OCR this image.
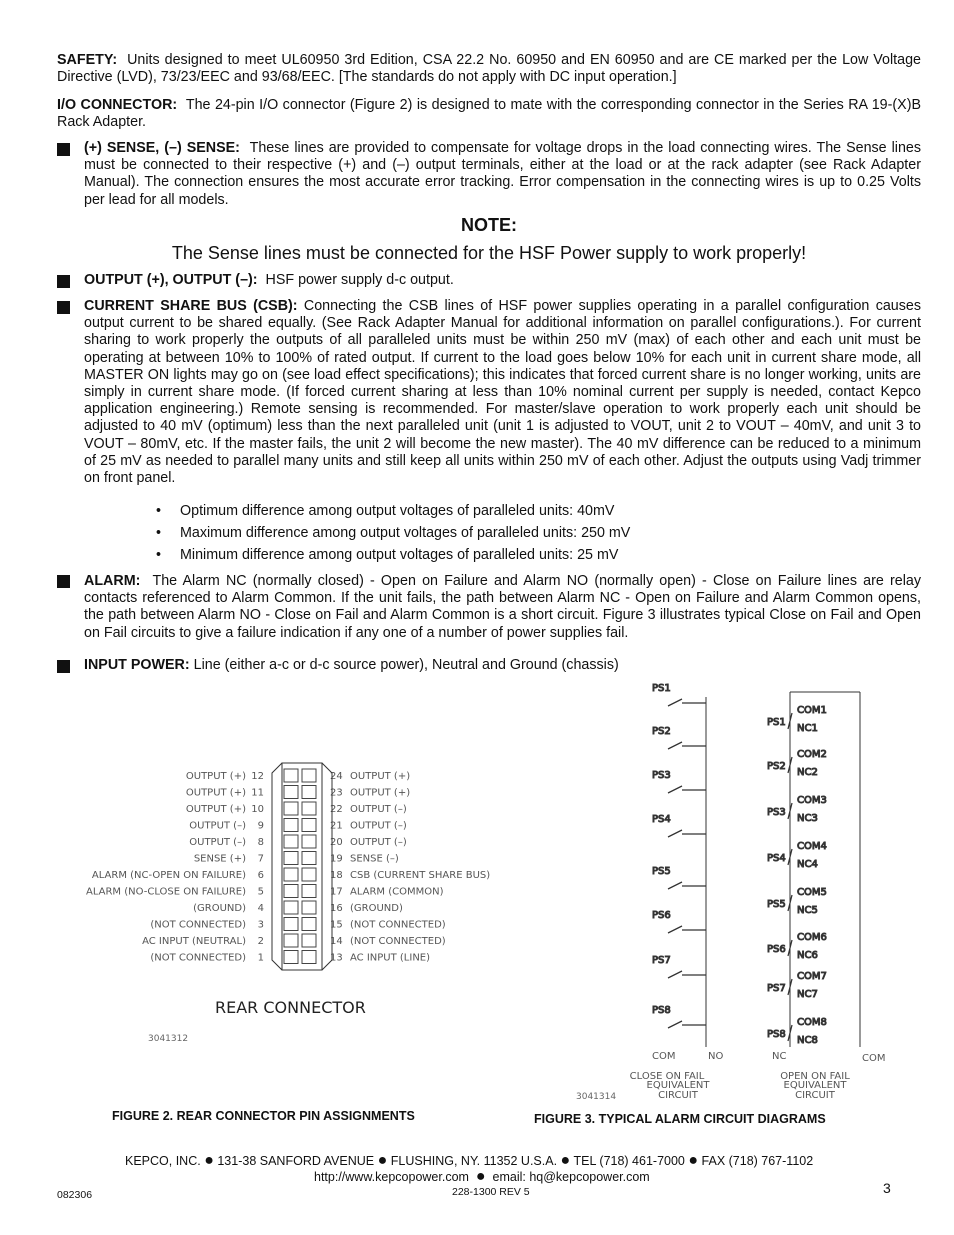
SAFETY: Units designed to meet UL60950 3rd Edition, CSA 22.2 No. 60950 and EN 60950 and are CE marked per the Low Voltage Directive (LVD), 73/23/EEC and 93/68/EEC. [The standards do not apply with DC input operation.]

I/O CONNECTOR: The 24-pin I/O connector (Figure 2) is designed to mate with the corresponding connector in the Series RA 19-(X)B Rack Adapter.

(+) SENSE, (–) SENSE: These lines are provided to compensate for voltage drops in the load connecting wires. The Sense lines must be connected to their respective (+) and (–) output terminals, either at the load or at the rack adapter (see Rack Adapter Manual). The connection ensures the most accurate error tracking. Error compensation in the connecting wires is up to 0.25 Volts per lead for all models.

NOTE:
The Sense lines must be connected for the HSF Power supply to work properly!

OUTPUT (+), OUTPUT (–): HSF power supply d-c output.

CURRENT SHARE BUS (CSB): Connecting the CSB lines of HSF power supplies operating in a parallel configuration causes output current to be shared equally. (See Rack Adapter Manual for additional information on parallel configurations.). For current sharing to work properly the outputs of all paralleled units must be within 250 mV (max) of each other and each unit must be operating at between 10% to 100% of rated output. If current to the load goes below 10% for each unit in current share mode, all MASTER ON lights may go on (see load effect specifications); this indicates that forced current share is no longer working, units are simply in current share mode. (If forced current sharing at less than 10% nominal current per supply is needed, contact Kepco application engineering.) Remote sensing is recommended. For master/slave operation to work properly each unit should be adjusted to 40 mV (optimum) less than the next paralleled unit (unit 1 is adjusted to VOUT, unit 2 to VOUT – 40mV, and unit 3 to VOUT – 80mV, etc. If the master fails, the unit 2 will become the new master). The 40 mV difference can be reduced to a minimum of 25 mV as needed to parallel many units and still keep all units within 250 mV of each other. Adjust the outputs using Vadj trimmer on front panel.

• Optimum difference among output voltages of paralleled units: 40mV
• Maximum difference among output voltages of paralleled units: 250 mV
• Minimum difference among output voltages of paralleled units: 25 mV

ALARM: The Alarm NC (normally closed) - Open on Failure and Alarm NO (normally open) - Close on Failure lines are relay contacts referenced to Alarm Common. If the unit fails, the path between Alarm NC - Open on Failure and Alarm Common opens, the path between Alarm NO - Close on Fail and Alarm Common is a short circuit. Figure 3 illustrates typical Close on Fail and Open on Fail circuits to give a failure indication if any one of a number of power supplies fail.

INPUT POWER: Line (either a-c or d-c source power), Neutral and Ground (chassis)

OUTPUT (+) 12
OUTPUT (+) 11
OUTPUT (+) 10
OUTPUT (–) 9
OUTPUT (–) 8
SENSE (+) 7
ALARM (NC-OPEN ON FAILURE) 6
ALARM (NO-CLOSE ON FAILURE) 5
(GROUND) 4
(NOT CONNECTED) 3
AC INPUT (NEUTRAL) 2
(NOT CONNECTED) 1
24 OUTPUT (+)
23 OUTPUT (+)
22 OUTPUT (–)
21 OUTPUT (–)
20 OUTPUT (–)
19 SENSE (–)
18 CSB (CURRENT SHARE BUS)
17 ALARM (COMMON)
16 (GROUND)
15 (NOT CONNECTED)
14 (NOT CONNECTED)
13 AC INPUT (LINE)
REAR CONNECTOR
3041312
FIGURE 2. REAR CONNECTOR PIN ASSIGNMENTS
PS1
PS2
PS3
PS4
PS5
PS6
PS7
PS8
PS1
COM1
NC1
PS2
COM2
NC2
PS3
COM3
NC3
PS4
COM4
NC4
PS5
COM5
NC5
PS6
COM6
NC6
PS7
COM7
NC7
PS8
COM8
NC8
COM	NO	NC	COM
CLOSE ON FAIL
EQUIVALENT
CIRCUIT
OPEN ON FAIL
EQUIVALENT
CIRCUIT
3041314
FIGURE 3. TYPICAL ALARM CIRCUIT DIAGRAMS
KEPCO, INC. ● 131-38 SANFORD AVENUE ● FLUSHING, NY. 11352 U.S.A. ● TEL (718) 461-7000 ● FAX (718) 767-1102
http://www.kepcopower.com ● email: hq@kepcopower.com
082306	228-1300 REV 5	3
